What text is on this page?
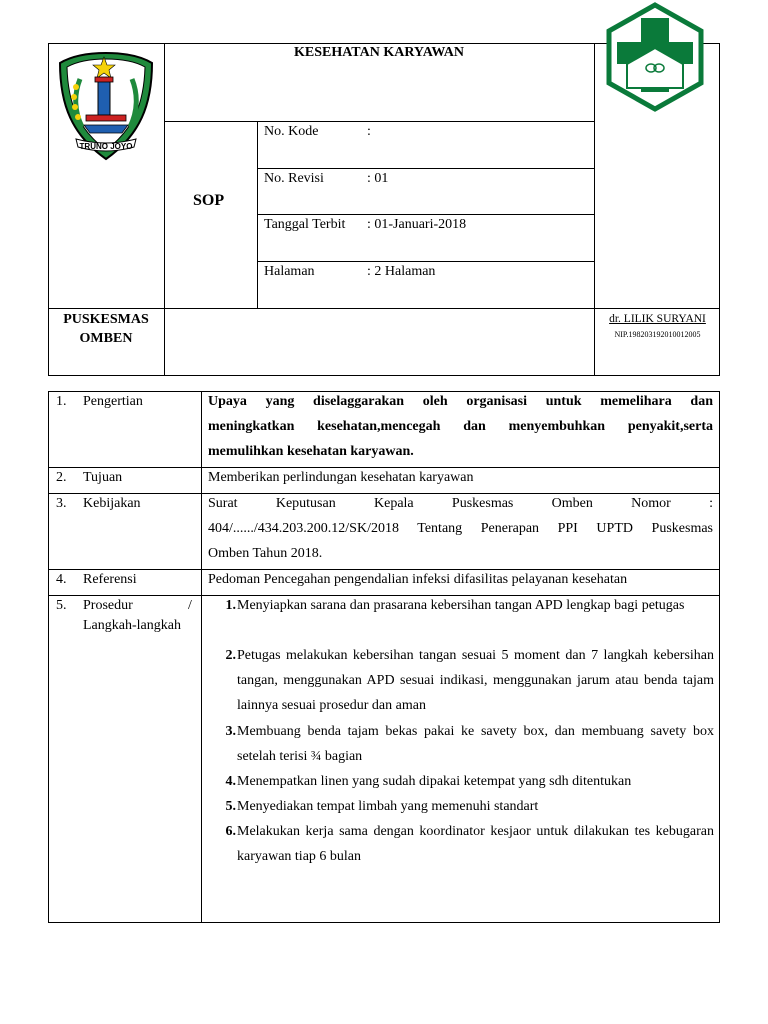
TRUNO JOYO
KESEHATAN KARYAWAN
SOP
No. Kode	:
No. Revisi	: 01
Tanggal Terbit : 01-Januari-2018
Halaman	: 2 Halaman
PUSKESMAS
OMBEN
dr. LILIK SURYANI
NIP.198203192010012005
1. Pengertian	Upaya yang diselaggarakan oleh organisasi untuk memelihara dan
meningkatkan kesehatan,mencegah dan menyembuhkan penyakit,serta
memulihkan kesehatan karyawan.
2. Tujuan	Memberikan perlindungan kesehatan karyawan
3. Kebijakan	Surat Keputusan Kepala Puskesmas Omben Nomor :
404/....../434.203.200.12/SK/2018 Tentang Penerapan PPI UPTD Puskesmas
Omben Tahun 2018.
4. Referensi	Pedoman Pencegahan pengendalian infeksi difasilitas pelayanan kesehatan
5. Prosedur	/
Langkah-langkah
1. Menyiapkan sarana dan prasarana kebersihan tangan APD lengkap bagi petugas
2. Petugas melakukan kebersihan tangan sesuai 5 moment dan 7 langkah kebersihan tangan, menggunakan APD sesuai indikasi, menggunakan jarum atau benda tajam lainnya sesuai prosedur dan aman
3. Membuang benda tajam bekas pakai ke savety box, dan membuang savety box setelah terisi ¾ bagian
4. Menempatkan linen yang sudah dipakai ketempat yang sdh ditentukan
5. Menyediakan tempat limbah yang memenuhi standart
6. Melakukan kerja sama dengan koordinator kesjaor untuk dilakukan tes kebugaran karyawan tiap 6 bulan
